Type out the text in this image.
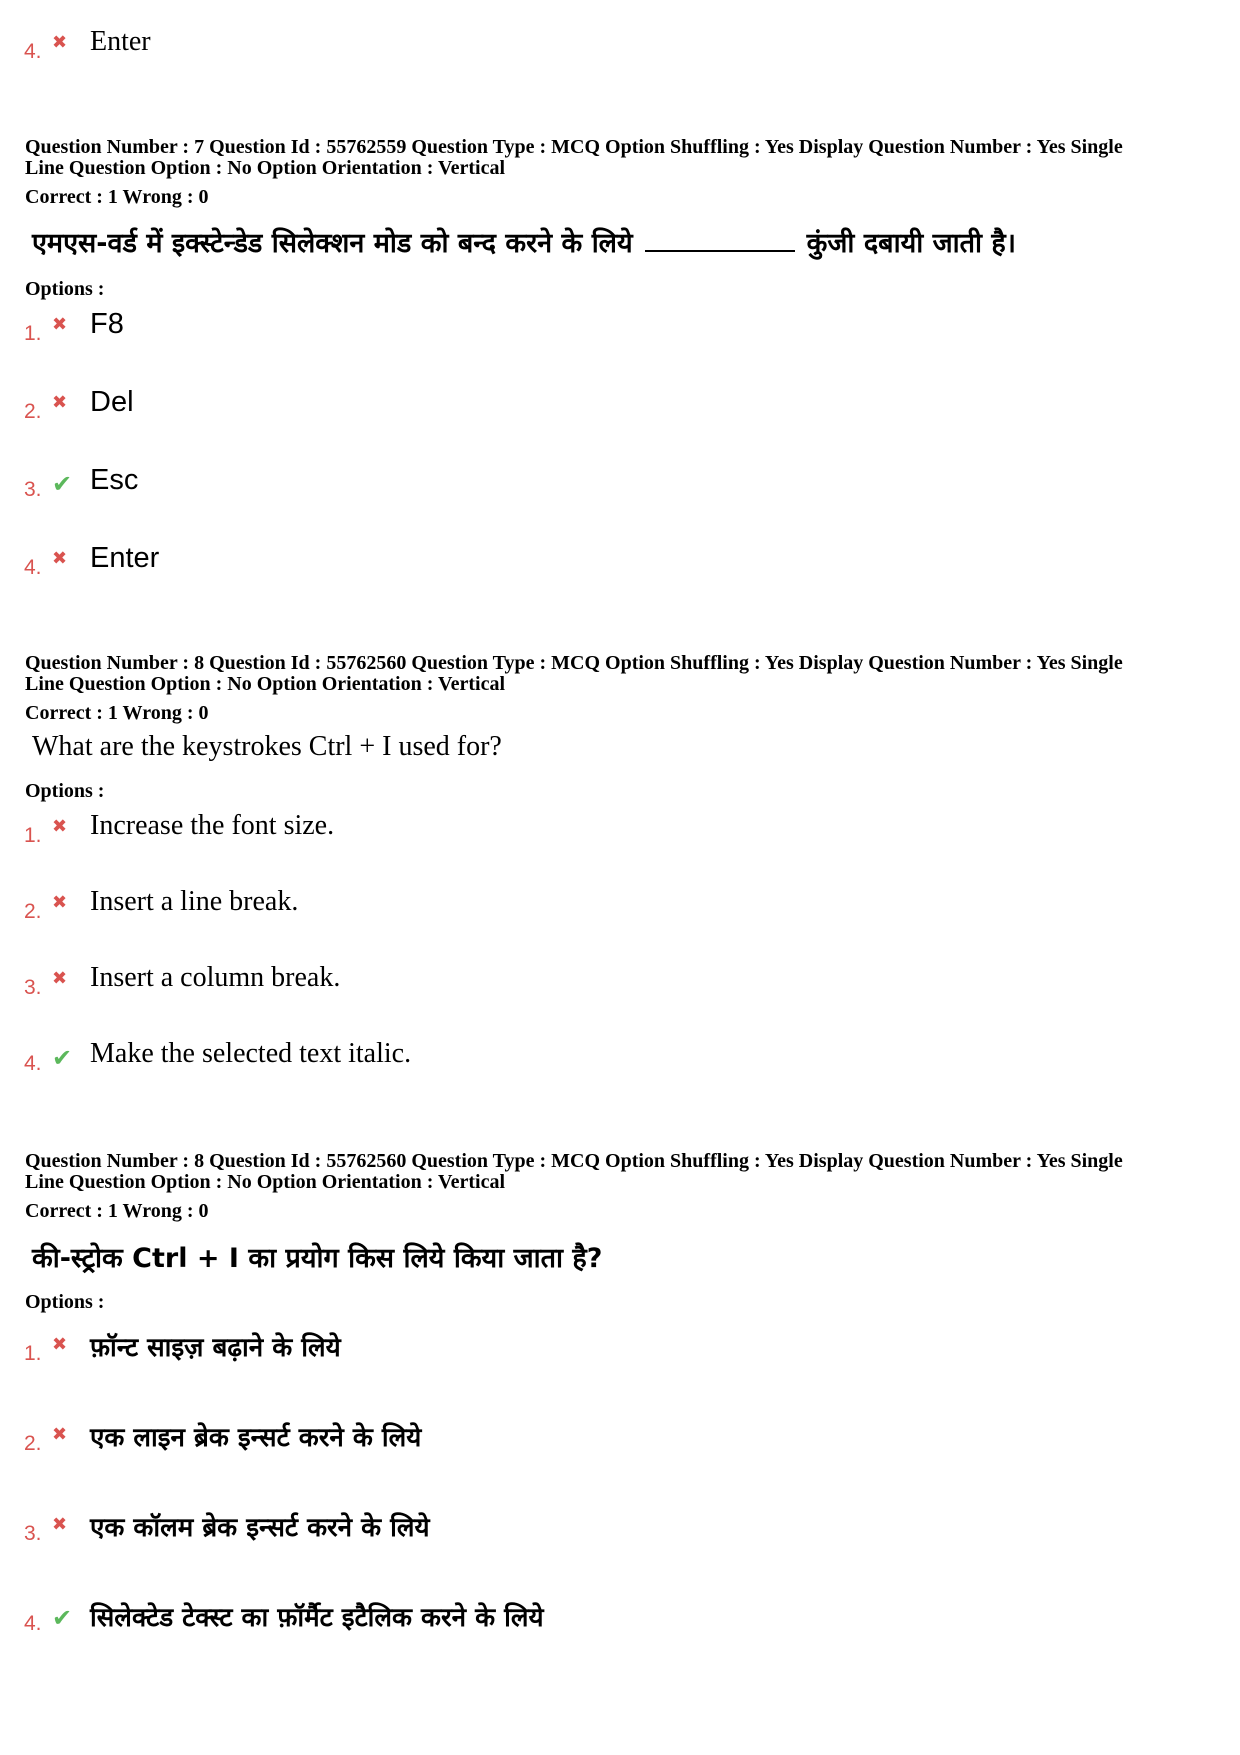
4. ✖ Enter
Question Number : 7 Question Id : 55762559 Question Type : MCQ Option Shuffling : Yes Display Question Number : Yes Single
Line Question Option : No Option Orientation : Vertical
Correct : 1 Wrong : 0
एमएस-वर्ड में इक्स्टेन्डेड सिलेक्शन मोड को बन्द करने के लिये	कुंजी दबायी जाती है।
Options :
1. ✖ F8
2. ✖ Del
3. ✔ Esc
4. ✖ Enter
Question Number : 8 Question Id : 55762560 Question Type : MCQ Option Shuffling : Yes Display Question Number : Yes Single
Line Question Option : No Option Orientation : Vertical
Correct : 1 Wrong : 0
What are the keystrokes Ctrl + I used for?
Options :
1. ✖ Increase the font size.
2. ✖ Insert a line break.
3. ✖ Insert a column break.
4. ✔ Make the selected text italic.
Question Number : 8 Question Id : 55762560 Question Type : MCQ Option Shuffling : Yes Display Question Number : Yes Single
Line Question Option : No Option Orientation : Vertical
Correct : 1 Wrong : 0
की-स्ट्रोक Ctrl + I का प्रयोग किस लिये किया जाता है?
Options :
1. ✖ फ़ॉन्ट साइज़ बढ़ाने के लिये
2. ✖ एक लाइन ब्रेक इन्सर्ट करने के लिये
3. ✖ एक कॉलम ब्रेक इन्सर्ट करने के लिये
4. ✔ सिलेक्टेड टेक्स्ट का फ़ॉर्मैट इटैलिक करने के लिये
